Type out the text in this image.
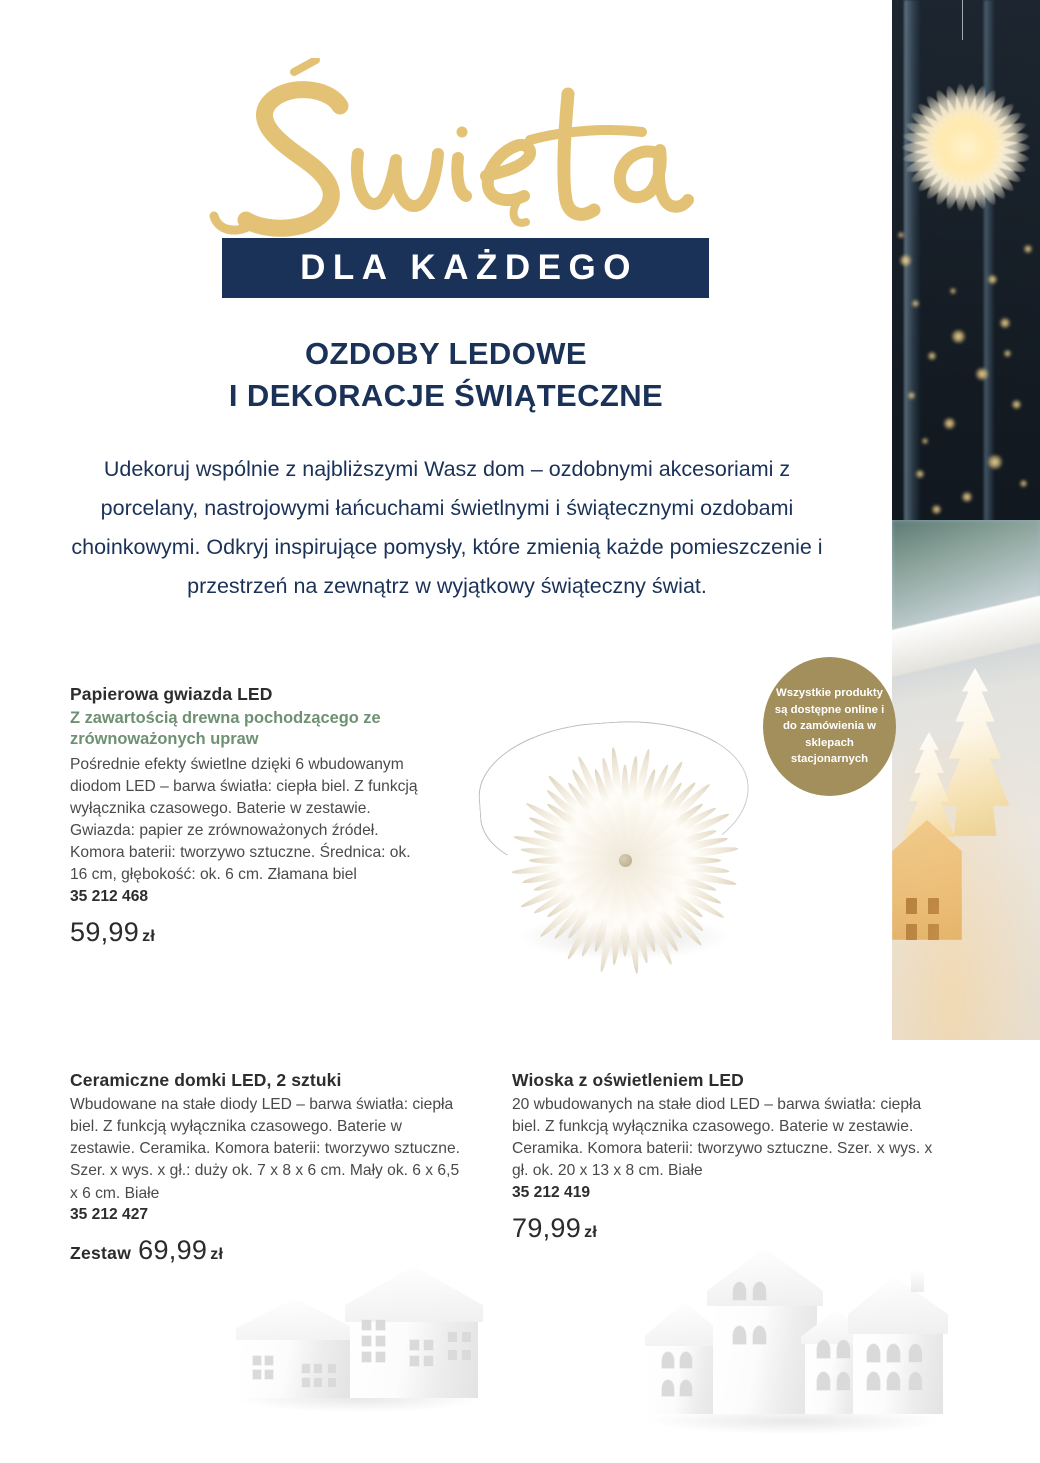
DLA KAŻDEGO
OZDOBY LEDOWE
I DEKORACJE ŚWIĄTECZNE
Udekoruj wspólnie z najbliższymi Wasz dom – ozdobnymi akcesoriami z porcelany, nastrojowymi łańcuchami świetlnymi i świątecznymi ozdobami choinkowymi. Odkryj inspirujące pomysły, które zmienią każde pomieszczenie i przestrzeń na zewnątrz w wyjątkowy świąteczny świat.
Wszystkie produkty są dostępne online i do zamówienia w sklepach stacjonarnych
Papierowa gwiazda LED
Z zawartością drewna pochodzącego ze zrównoważonych upraw
Pośrednie efekty świetlne dzięki 6 wbudowanym diodom LED – barwa światła: ciepła biel. Z funkcją wyłącznika czasowego. Baterie w zestawie. Gwiazda: papier ze zrównoważonych źródeł. Komora baterii: tworzywo sztuczne. Średnica: ok. 16 cm, głębokość: ok. 6 cm. Złamana biel
35 212 468
59,99 zł
Ceramiczne domki LED, 2 sztuki
Wbudowane na stałe diody LED – barwa światła: ciepła biel. Z funkcją wyłącznika czasowego. Baterie w zestawie. Ceramika. Komora baterii: tworzywo sztuczne. Szer. x wys. x gł.: duży ok. 7 x 8 x 6 cm. Mały ok. 6 x 6,5 x 6 cm. Białe
35 212 427
Zestaw 69,99 zł
Wioska z oświetleniem LED
20 wbudowanych na stałe diod LED – barwa światła: ciepła biel. Z funkcją wyłącznika czasowego. Baterie w zestawie. Ceramika. Komora baterii: tworzywo sztuczne. Szer. x wys. x gł. ok. 20 x 13 x 8 cm. Białe
35 212 419
79,99 zł
